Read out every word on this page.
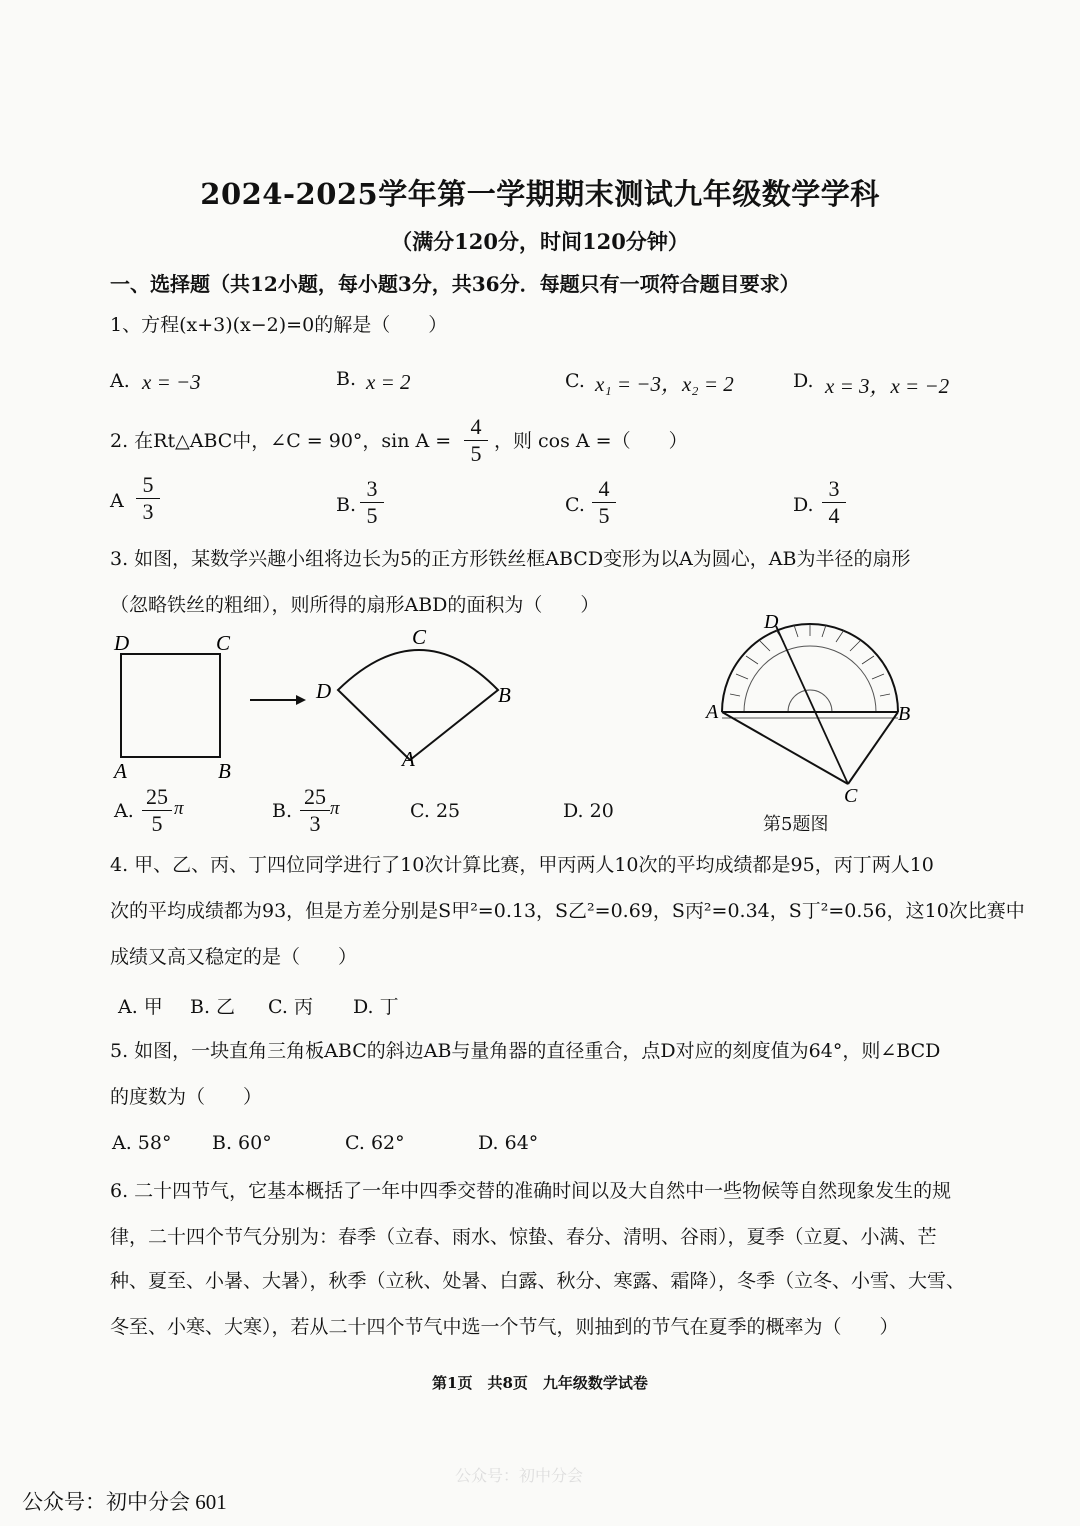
2024-2025学年第一学期期末测试九年级数学学科
（满分120分，时间120分钟）
一、选择题（共12小题，每小题3分，共36分．每题只有一项符合题目要求）
1、方程(x+3)(x−2)=0的解是（　　）
A. x = −3	B. x = 2	C. x₁ = −3，x₂ = 2	D. x = 3，x = −2
2. 在Rt△ABC中，∠C = 90°，$\sin A = \frac{4}{5}$ ，则 cos A =（　　）
A $\frac{5}{3}$	B. $\frac{3}{5}$	C. $\frac{4}{5}$	D. $\frac{3}{4}$
3. 如图，某数学兴趣小组将边长为5的正方形铁丝框ABCD变形为以A为圆心，AB为半径的扇形
（忽略铁丝的粗细），则所得的扇形ABD的面积为（　　）
D	C
A	B
C
D	B
A
D
A	B
C
第5题图
A. $\frac{25}{5}$ π	B. $\frac{25}{3}$ π	C. 25	D. 20
4. 甲、乙、丙、丁四位同学进行了10次计算比赛，甲丙两人10次的平均成绩都是95，丙丁两人10
次的平均成绩都为93，但是方差分别是S甲²=0.13，S乙²=0.69，S丙²=0.34，S丁²=0.56，这10次比赛中
成绩又高又稳定的是（　　）
A. 甲 B. 乙 C. 丙 D. 丁
5. 如图，一块直角三角板ABC的斜边AB与量角器的直径重合，点D对应的刻度值为64°，则∠BCD
的度数为（　　）
A. 58° B. 60°	C. 62°	D. 64°
6. 二十四节气，它基本概括了一年中四季交替的准确时间以及大自然中一些物候等自然现象发生的规
律，二十四个节气分别为：春季（立春、雨水、惊蛰、春分、清明、谷雨），夏季（立夏、小满、芒
种、夏至、小暑、大暑），秋季（立秋、处暑、白露、秋分、寒露、霜降），冬季（立冬、小雪、大雪、
冬至、小寒、大寒），若从二十四个节气中选一个节气，则抽到的节气在夏季的概率为（　　）
第1页　共8页　九年级数学试卷
公众号：初中分会
公众号：初中分会 601
